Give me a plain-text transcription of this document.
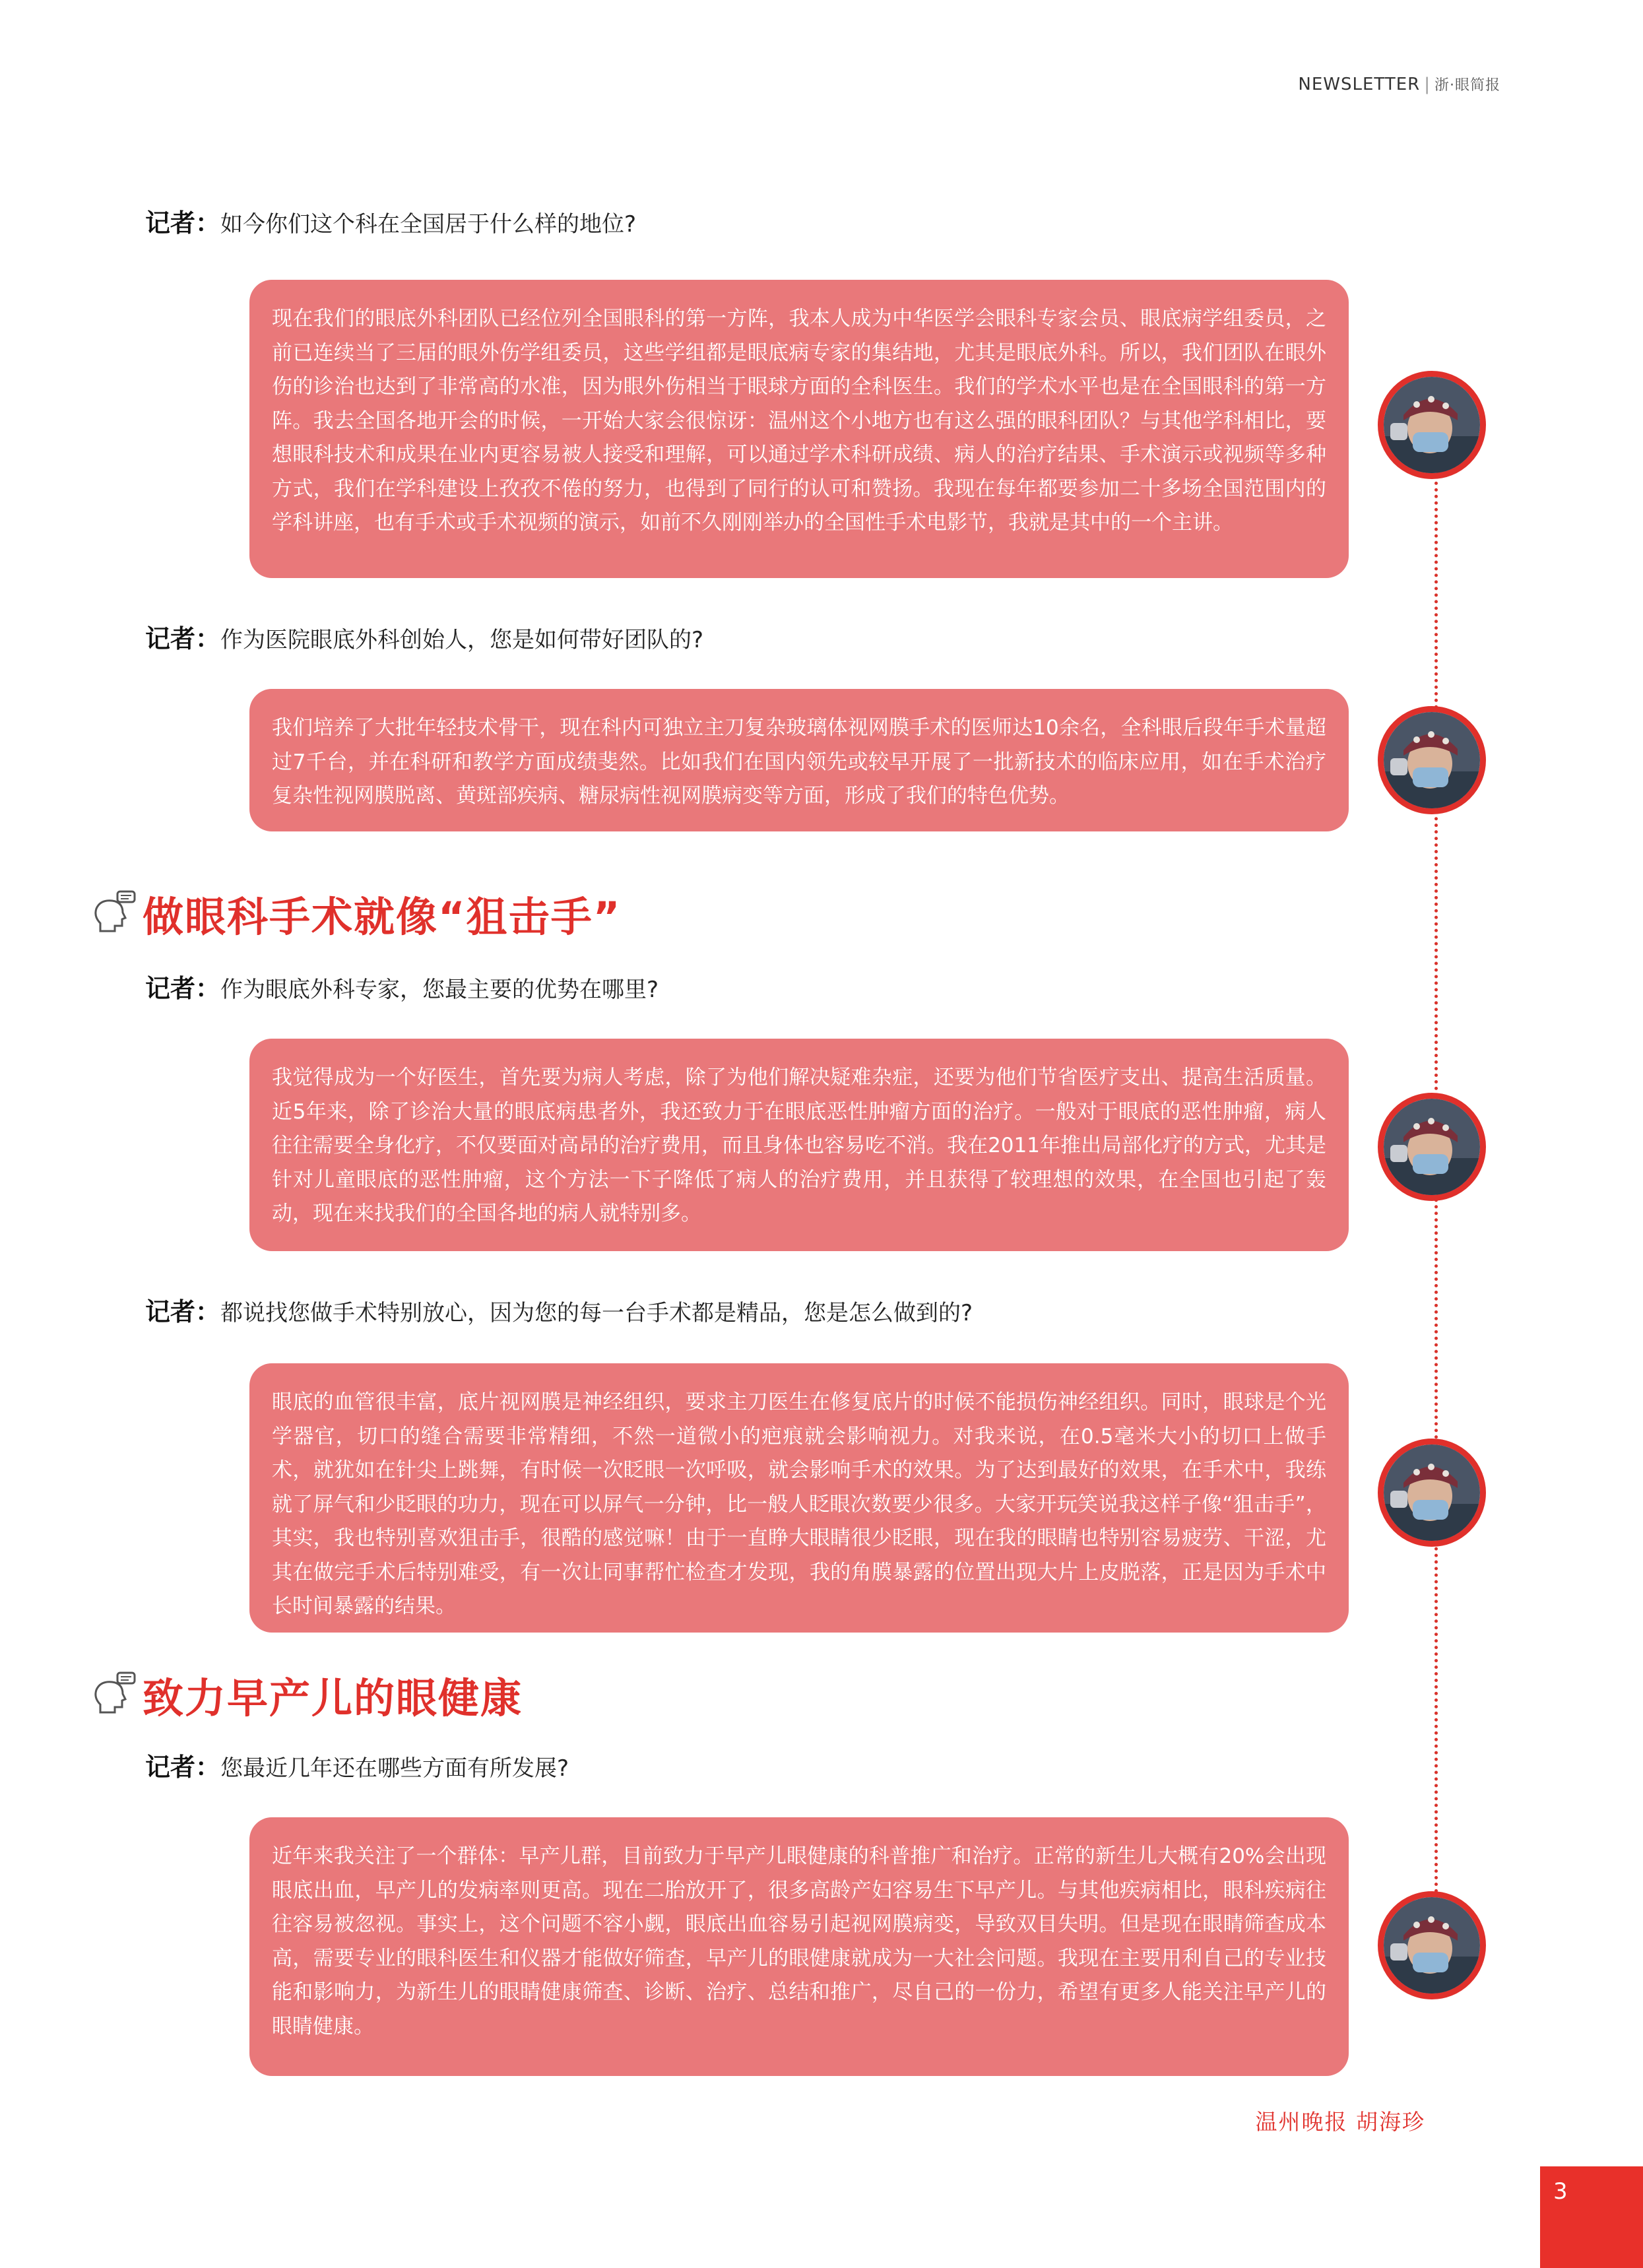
NEWSLETTER | 浙·眼简报
记者：如今你们这个科在全国居于什么样的地位?
现在我们的眼底外科团队已经位列全国眼科的第一方阵，我本人成为中华医学会眼科专家会员、眼底病学组委员，之前已连续当了三届的眼外伤学组委员，这些学组都是眼底病专家的集结地，尤其是眼底外科。所以，我们团队在眼外伤的诊治也达到了非常高的水准，因为眼外伤相当于眼球方面的全科医生。我们的学术水平也是在全国眼科的第一方阵。我去全国各地开会的时候，一开始大家会很惊讶：温州这个小地方也有这么强的眼科团队？与其他学科相比，要想眼科技术和成果在业内更容易被人接受和理解，可以通过学术科研成绩、病人的治疗结果、手术演示或视频等多种方式，我们在学科建设上孜孜不倦的努力，也得到了同行的认可和赞扬。我现在每年都要参加二十多场全国范围内的学科讲座，也有手术或手术视频的演示，如前不久刚刚举办的全国性手术电影节，我就是其中的一个主讲。
记者：作为医院眼底外科创始人，您是如何带好团队的?
我们培养了大批年轻技术骨干，现在科内可独立主刀复杂玻璃体视网膜手术的医师达10余名，全科眼后段年手术量超过7千台，并在科研和教学方面成绩斐然。比如我们在国内领先或较早开展了一批新技术的临床应用，如在手术治疗复杂性视网膜脱离、黄斑部疾病、糖尿病性视网膜病变等方面，形成了我们的特色优势。
做眼科手术就像“狙击手”
记者：作为眼底外科专家，您最主要的优势在哪里?
我觉得成为一个好医生，首先要为病人考虑，除了为他们解决疑难杂症，还要为他们节省医疗支出、提高生活质量。近5年来，除了诊治大量的眼底病患者外，我还致力于在眼底恶性肿瘤方面的治疗。一般对于眼底的恶性肿瘤，病人往往需要全身化疗，不仅要面对高昂的治疗费用，而且身体也容易吃不消。我在2011年推出局部化疗的方式，尤其是针对儿童眼底的恶性肿瘤，这个方法一下子降低了病人的治疗费用，并且获得了较理想的效果，在全国也引起了轰动，现在来找我们的全国各地的病人就特别多。
记者：都说找您做手术特别放心，因为您的每一台手术都是精品，您是怎么做到的?
眼底的血管很丰富，底片视网膜是神经组织，要求主刀医生在修复底片的时候不能损伤神经组织。同时，眼球是个光学器官，切口的缝合需要非常精细，不然一道微小的疤痕就会影响视力。对我来说，在0.5毫米大小的切口上做手术，就犹如在针尖上跳舞，有时候一次眨眼一次呼吸，就会影响手术的效果。为了达到最好的效果，在手术中，我练就了屏气和少眨眼的功力，现在可以屏气一分钟，比一般人眨眼次数要少很多。大家开玩笑说我这样子像“狙击手”，其实，我也特别喜欢狙击手，很酷的感觉嘛！由于一直睁大眼睛很少眨眼，现在我的眼睛也特别容易疲劳、干涩，尤其在做完手术后特别难受，有一次让同事帮忙检查才发现，我的角膜暴露的位置出现大片上皮脱落，正是因为手术中长时间暴露的结果。
致力早产儿的眼健康
记者：您最近几年还在哪些方面有所发展?
近年来我关注了一个群体：早产儿群，目前致力于早产儿眼健康的科普推广和治疗。正常的新生儿大概有20%会出现眼底出血，早产儿的发病率则更高。现在二胎放开了，很多高龄产妇容易生下早产儿。与其他疾病相比，眼科疾病往往容易被忽视。事实上，这个问题不容小觑，眼底出血容易引起视网膜病变，导致双目失明。但是现在眼睛筛查成本高，需要专业的眼科医生和仪器才能做好筛查，早产儿的眼健康就成为一大社会问题。我现在主要用利自己的专业技能和影响力，为新生儿的眼睛健康筛查、诊断、治疗、总结和推广，尽自己的一份力，希望有更多人能关注早产儿的眼睛健康。
温州晚报 胡海珍
3
